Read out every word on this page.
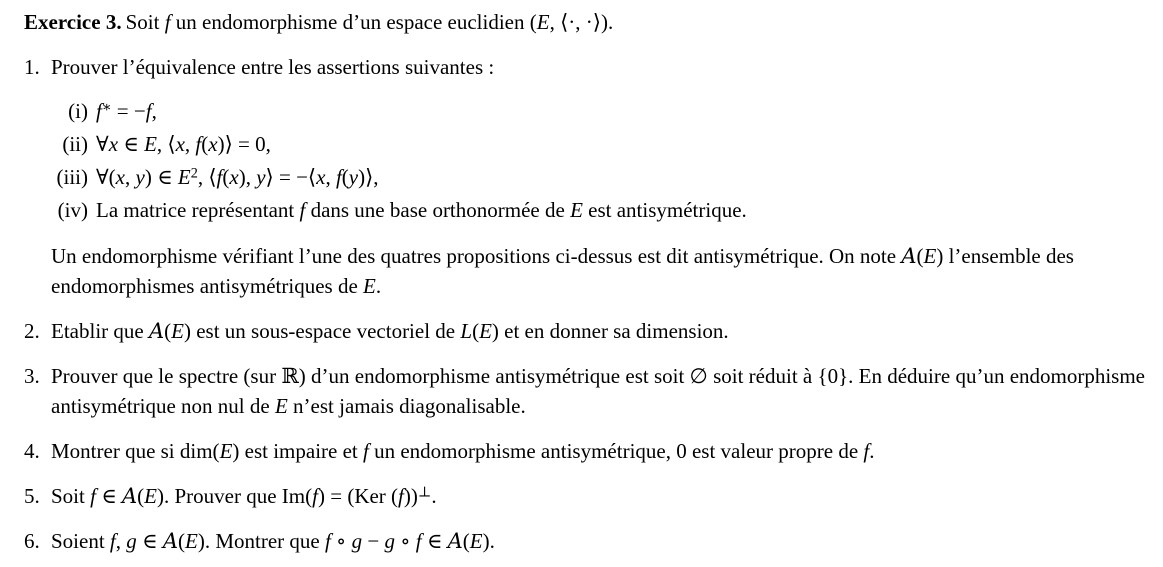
Exercice 3. Soit f un endomorphisme d’un espace euclidien (E, ⟨·, ·⟩).
1. Prouver l’équivalence entre les assertions suivantes :
(i) f∗ = −f,
(ii) ∀x ∈ E, ⟨x, f(x)⟩ = 0,
(iii) ∀(x, y) ∈ $E^2$, ⟨f(x), y⟩ = −⟨x, f(y)⟩,
(iv) La matrice représentant f dans une base orthonormée de E est antisymétrique.
Un endomorphisme vérifiant l’une des quatres propositions ci-dessus est dit antisymétrique. On note A(E) l’ensemble des endomorphismes antisymétriques de E.
2. Etablir que A(E) est un sous-espace vectoriel de L(E) et en donner sa dimension.
3. Prouver que le spectre (sur ℝ) d’un endomorphisme antisymétrique est soit ∅ soit réduit à {0}. En déduire qu’un endomorphisme antisymétrique non nul de E n’est jamais diagonalisable.
4. Montrer que si dim(E) est impaire et f un endomorphisme antisymétrique, 0 est valeur propre de f.
5. Soit f ∈ A(E). Prouver que Im(f) = (Ker (f))⊥.
6. Soient f, g ∈ A(E). Montrer que f ∘ g − g ∘ f ∈ A(E).
